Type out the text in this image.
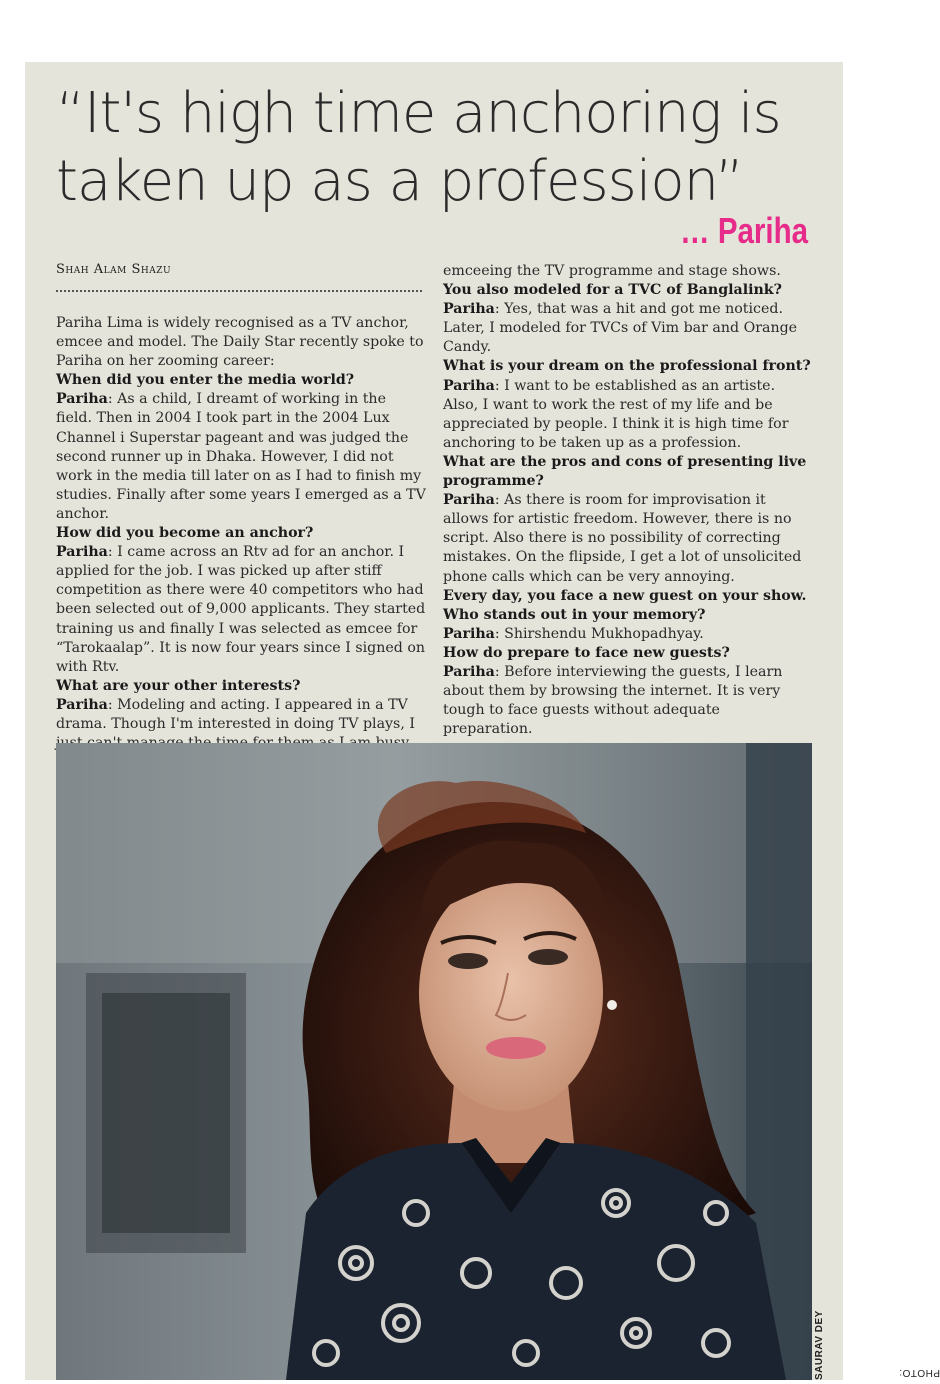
“It's high time anchoring is
taken up as a profession”
… Pariha
Shah Alam Shazu

Pariha Lima is widely recognised as a TV anchor, emcee and model. The Daily Star recently spoke to Pariha on her zooming career:

When did you enter the media world?

Pariha: As a child, I dreamt of working in the field. Then in 2004 I took part in the 2004 Lux Channel i Superstar pageant and was judged the second runner up in Dhaka. However, I did not work in the media till later on as I had to finish my studies. Finally after some years I emerged as a TV anchor.

How did you become an anchor?

Pariha: I came across an Rtv ad for an anchor. I applied for the job. I was picked up after stiff competition as there were 40 competitors who had been selected out of 9,000 applicants. They started training us and finally I was selected as emcee for “Tarokaalap”. It is now four years since I signed on with Rtv.

What are your other interests?

Pariha: Modeling and acting. I appeared in a TV drama. Though I'm interested in doing TV plays, I

emceeing the TV programme and stage shows.

You also modeled for a TVC of Banglalink?

Pariha: Yes, that was a hit and got me noticed. Later, I modeled for TVCs of Vim bar and Orange Candy.

What is your dream on the professional front?

Pariha: I want to be established as an artiste. Also, I want to work the rest of my life and be appreciated by people. I think it is high time for anchoring to be taken up as a profession.

What are the pros and cons of presenting live programme?

Pariha: As there is room for improvisation it allows for artistic freedom. However, there is no script. Also there is no possibility of correcting mistakes. On the flipside, I get a lot of unsolicited phone calls which can be very annoying.

Every day, you face a new guest on your show. Who stands out in your memory?

Pariha: Shirshendu Mukhopadhyay.

How do prepare to face new guests?

Pariha: Before interviewing the guests, I learn about them by browsing the internet. It is very tough to face guests without adequate preparation.

PHOTO:
SAURAV DEY
